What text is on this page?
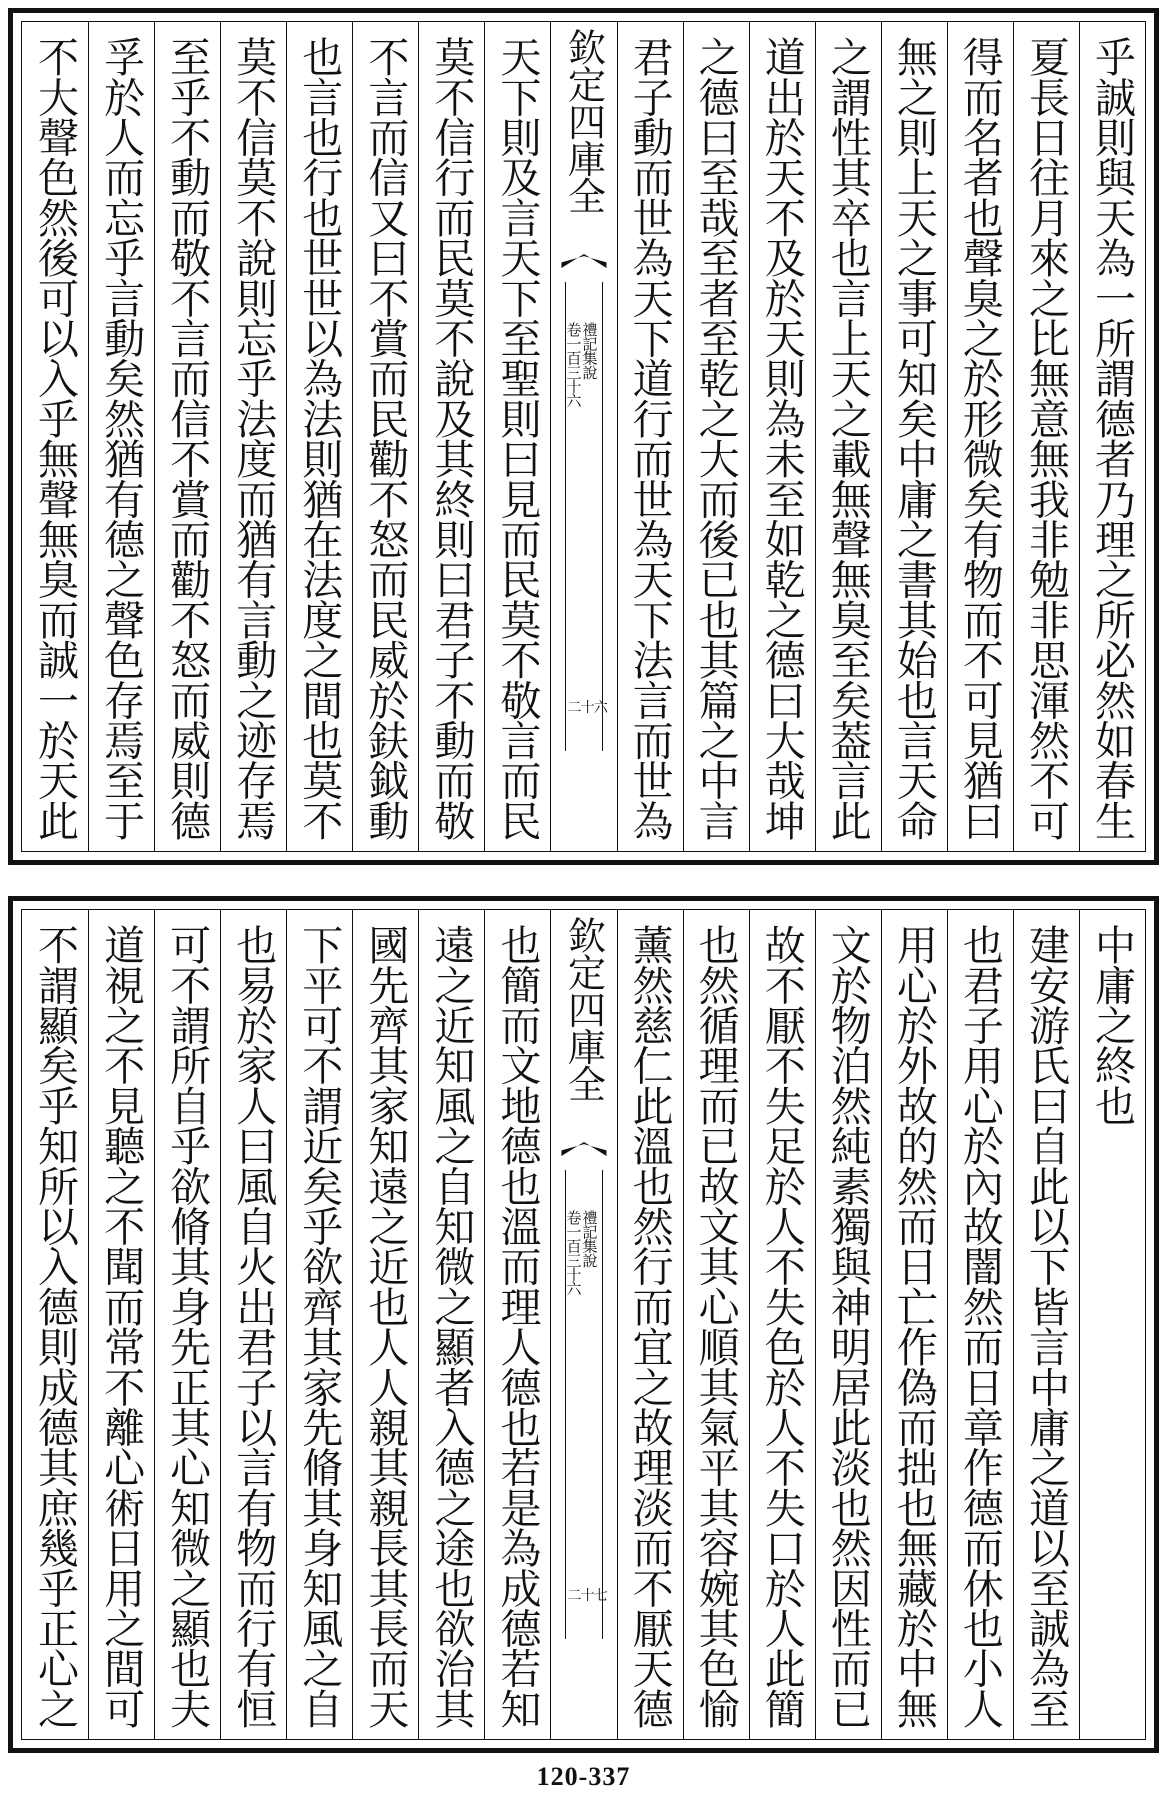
乎誠則與天為一所謂德者乃理之所必然如春生
夏長日往月來之比無意無我非勉非思渾然不可
得而名者也聲臭之於形微矣有物而不可見猶曰
無之則上天之事可知矣中庸之書其始也言天命
之謂性其卒也言上天之載無聲無臭至矣葢言此
道出於天不及於天則為未至如乾之德曰大哉坤
之德曰至哉至者至乾之大而後已也其篇之中言
君子動而世為天下道行而世為天下法言而世為
欽定四庫全
禮記集說
卷一百三十六
二十六
天下則及言天下至聖則曰見而民莫不敬言而民
莫不信行而民莫不說及其終則曰君子不動而敬
不言而信又曰不賞而民勸不怒而民威於鈇鉞動
也言也行也世世以為法則猶在法度之間也莫不
莫不信莫不說則忘乎法度而猶有言動之迹存焉
至乎不動而敬不言而信不賞而勸不怒而威則德
孚於人而忘乎言動矣然猶有德之聲色存焉至于
不大聲色然後可以入乎無聲無臭而誠一於天此
中庸之終也
建安游氏曰自此以下皆言中庸之道以至誠為至
也君子用心於內故闇然而日章作德而休也小人
用心於外故的然而日亡作偽而拙也無藏於中無
文於物泊然純素獨與神明居此淡也然因性而已
故不厭不失足於人不失色於人不失口於人此簡
也然循理而已故文其心順其氣平其容婉其色愉
薰然慈仁此溫也然行而宜之故理淡而不厭天德
欽定四庫全
禮記集說
卷一百三十六
二十七
也簡而文地德也溫而理人德也若是為成德若知
遠之近知風之自知微之顯者入德之途也欲治其
國先齊其家知遠之近也人人親其親長其長而天
下平可不謂近矣乎欲齊其家先脩其身知風之自
也易於家人曰風自火出君子以言有物而行有恒
可不謂所自乎欲脩其身先正其心知微之顯也夫
道視之不見聽之不聞而常不離心術日用之間可
不謂顯矣乎知所以入德則成德其庶幾乎正心之
120-337
